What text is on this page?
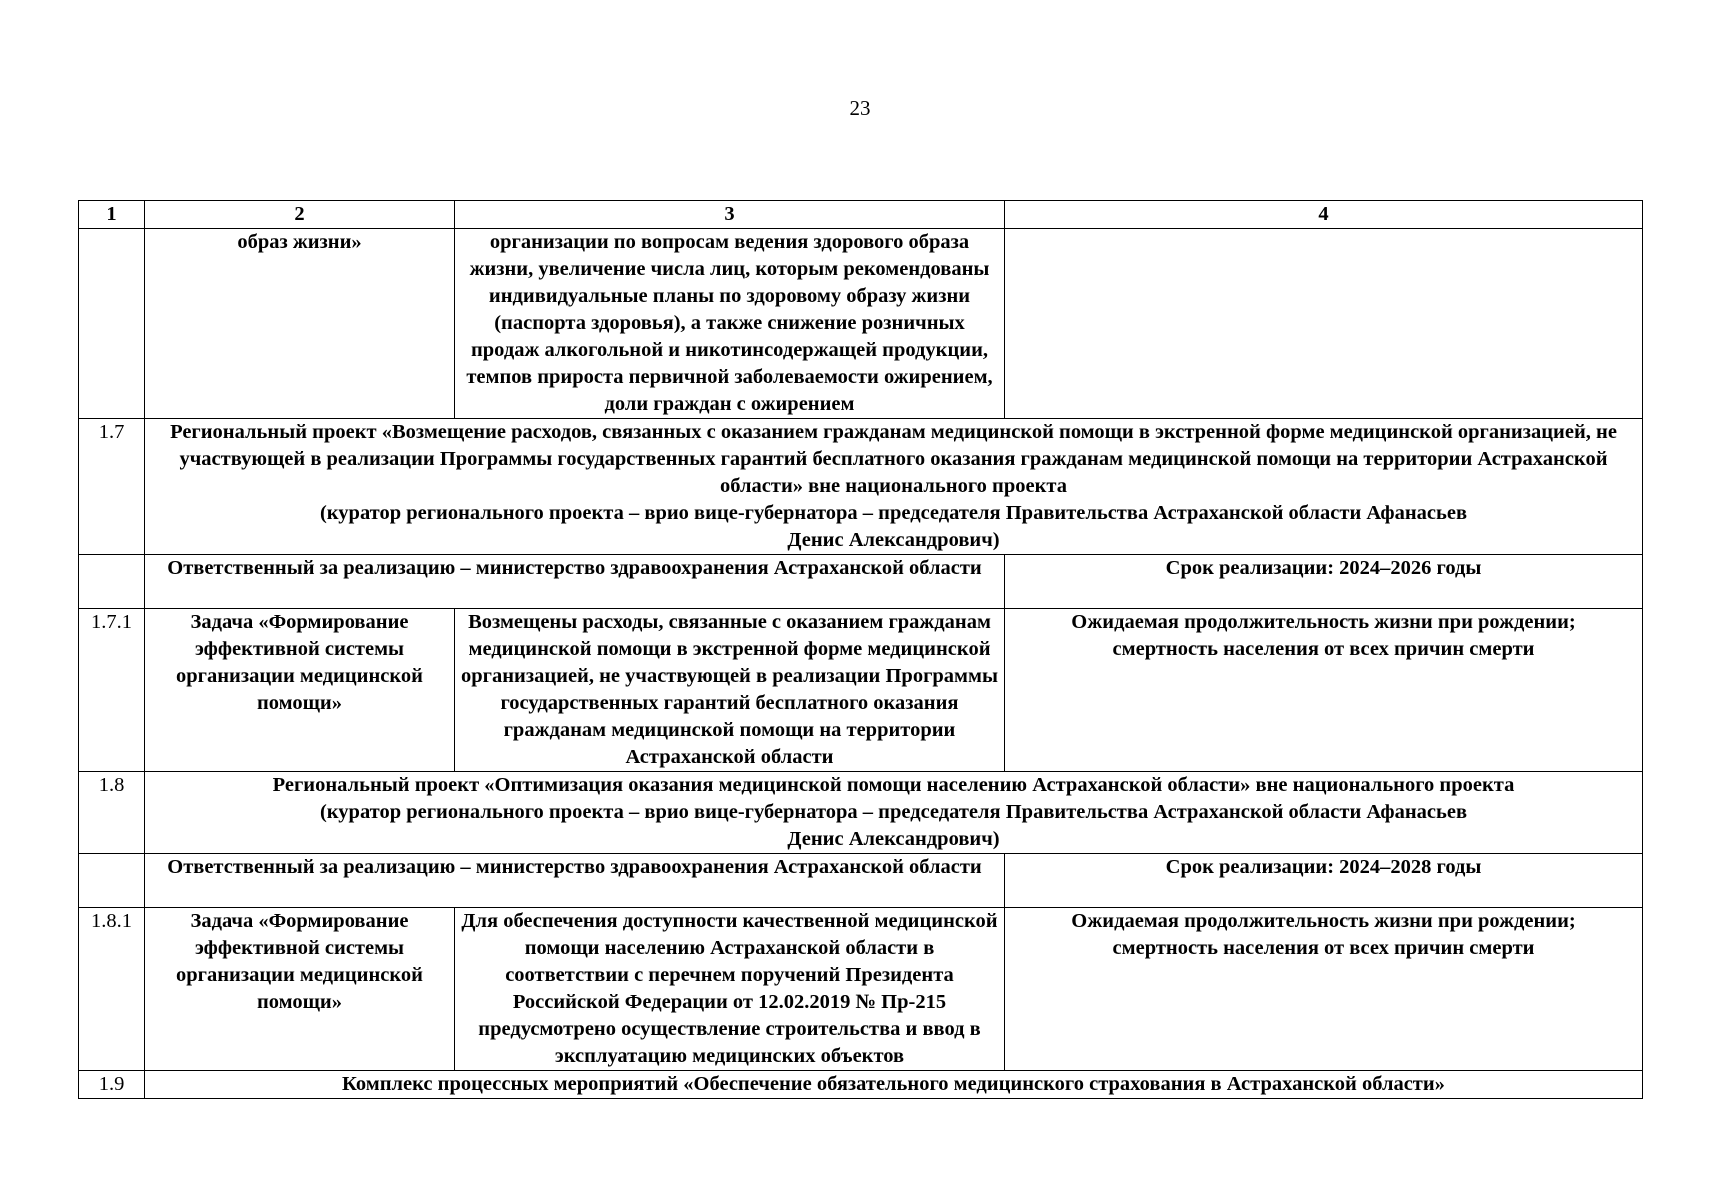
23
1	2	3	4
	образ жизни»	организации по вопросам ведения здорового образа жизни, увеличение числа лиц, которым рекомендованы индивидуальные планы по здоровому образу жизни (паспорта здоровья), а также снижение розничных продаж алкогольной и никотинсодержащей продукции, темпов прироста первичной заболеваемости ожирением, доли граждан с ожирением	
1.7	Региональный проект «Возмещение расходов, связанных с оказанием гражданам медицинской помощи в экстренной форме медицинской организацией, не участвующей в реализации Программы государственных гарантий бесплатного оказания гражданам медицинской помощи на территории Астраханской области» вне национального проекта
(куратор регионального проекта – врио вице-губернатора – председателя Правительства Астраханской области Афанасьев Денис Александрович)		

	Ответственный за реализацию – министерство здравоохранения Астраханской области		Срок реализации: 2024–2026 годы
1.7.1	Задача «Формирование эффективной системы организации медицинской помощи»	Возмещены расходы, связанные с оказанием гражданам медицинской помощи в экстренной форме медицинской организацией, не участвующей в реализации Программы государственных гарантий бесплатного оказания гражданам медицинской помощи на территории Астраханской области	Ожидаемая продолжительность жизни при рождении; смертность населения от всех причин смерти
1.8	Региональный проект «Оптимизация оказания медицинской помощи населению Астраханской области» вне национального проекта
(куратор регионального проекта – врио вице-губернатора – председателя Правительства Астраханской области Афанасьев Денис Александрович)		

	Ответственный за реализацию – министерство здравоохранения Астраханской области		Срок реализации: 2024–2028 годы
1.8.1	Задача «Формирование эффективной системы организации медицинской помощи»	Для обеспечения доступности качественной медицинской помощи населению Астраханской области в соответствии с перечнем поручений Президента Российской Федерации от 12.02.2019 № Пр-215 предусмотрено осуществление строительства и ввод в эксплуатацию медицинских объектов	Ожидаемая продолжительность жизни при рождении; смертность населения от всех причин смерти
1.9	Комплекс процессных мероприятий «Обеспечение обязательного медицинского страхования в Астраханской области»		
